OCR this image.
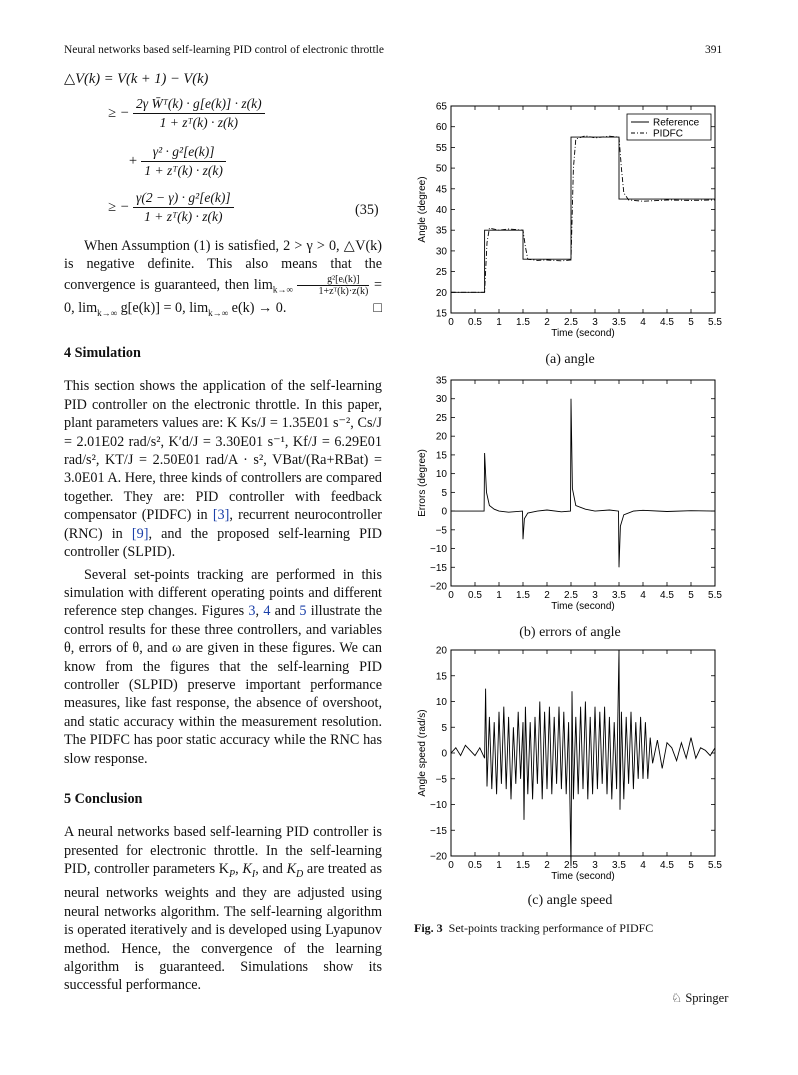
Neural networks based self-learning PID control of electronic throttle	391
△V(k) = V(k + 1) − V(k)
≥ − $\frac{\text{2γ W̄ᵀ(k) · g[e(k)] · z(k)}}{\text{1 + zᵀ(k) · z(k)}}$
+ $\frac{\text{γ² · g²[e(k)]}}{\text{1 + zᵀ(k) · z(k)}}$
≥ − $\frac{\text{γ(2 − γ) · g²[e(k)]}}{\text{1 + zᵀ(k) · z(k)}}$	(35)

When Assumption (1) is satisfied, 2 > γ > 0, △V(k) is negative definite. This also means that the convergence is guaranteed, then $\lim_{k\to\infty} \frac{\text{g²[eᵢ(k)]}}{\text{1+zᵀ(k)·z(k)}} = 0$, $\lim_{k\to\infty} g[e(k)] = 0$, $\lim_{k\to\infty} e(k) \to 0$.	□

4 Simulation

This section shows the application of the self-learning PID controller on the electronic throttle. In this paper, plant parameters values are: K Ks/J = 1.35E01 s⁻², Cs/J = 2.01E02 rad/s², K′d/J = 3.30E01 s⁻¹, Kf/J = 6.29E01 rad/s², KT/J = 2.50E01 rad/A · s², VBat/(Ra+RBat) = 3.0E01 A. Here, three kinds of controllers are compared together. They are: PID controller with feedback compensator (PIDFC) in [3], recurrent neurocontroller (RNC) in [9], and the proposed self-learning PID controller (SLPID).

Several set-points tracking are performed in this simulation with different operating points and different reference step changes. Figures 3, 4 and 5 illustrate the control results for these three controllers, and variables θ, errors of θ, and ω are given in these figures. We can know from the figures that the self-learning PID controller (SLPID) preserve important performance measures, like fast response, the absence of overshoot, and static accuracy within the measurement resolution. The PIDFC has poor static accuracy while the RNC has slow response.

5 Conclusion

A neural networks based self-learning PID controller is presented for electronic throttle. In the self-learning PID, controller parameters $K_P$, $K_I$, and $K_D$ are treated as neural networks weights and they are adjusted using neural networks algorithm. The self-learning algorithm is operated iteratively and is developed using Lyapunov method. Hence, the convergence of the learning algorithm is guaranteed. Simulations show its successful performance.

0 0.5 1 1.5 2 2.5 3 3.5 4 4.5 5 5.5
15
20
25
30
35
40
45
50
55
60
65
Time (second)
Angle (degree)
Reference
PIDFC
(a) angle
0 0.5 1 1.5 2 2.5 3 3.5 4 4.5 5 5.5
−20
−15
−10
−5
0
5
10
15
20
25
30
35
Time (second)
Errors (degree)
(b) errors of angle
0 0.5 1 1.5 2 2.5 3 3.5 4 4.5 5 5.5
−20
−15
−10
−5
0
5
10
15
20
Time (second)
Angle speed (rad/s)
(c) angle speed
Fig. 3 Set-points tracking performance of PIDFC
♘ Springer
